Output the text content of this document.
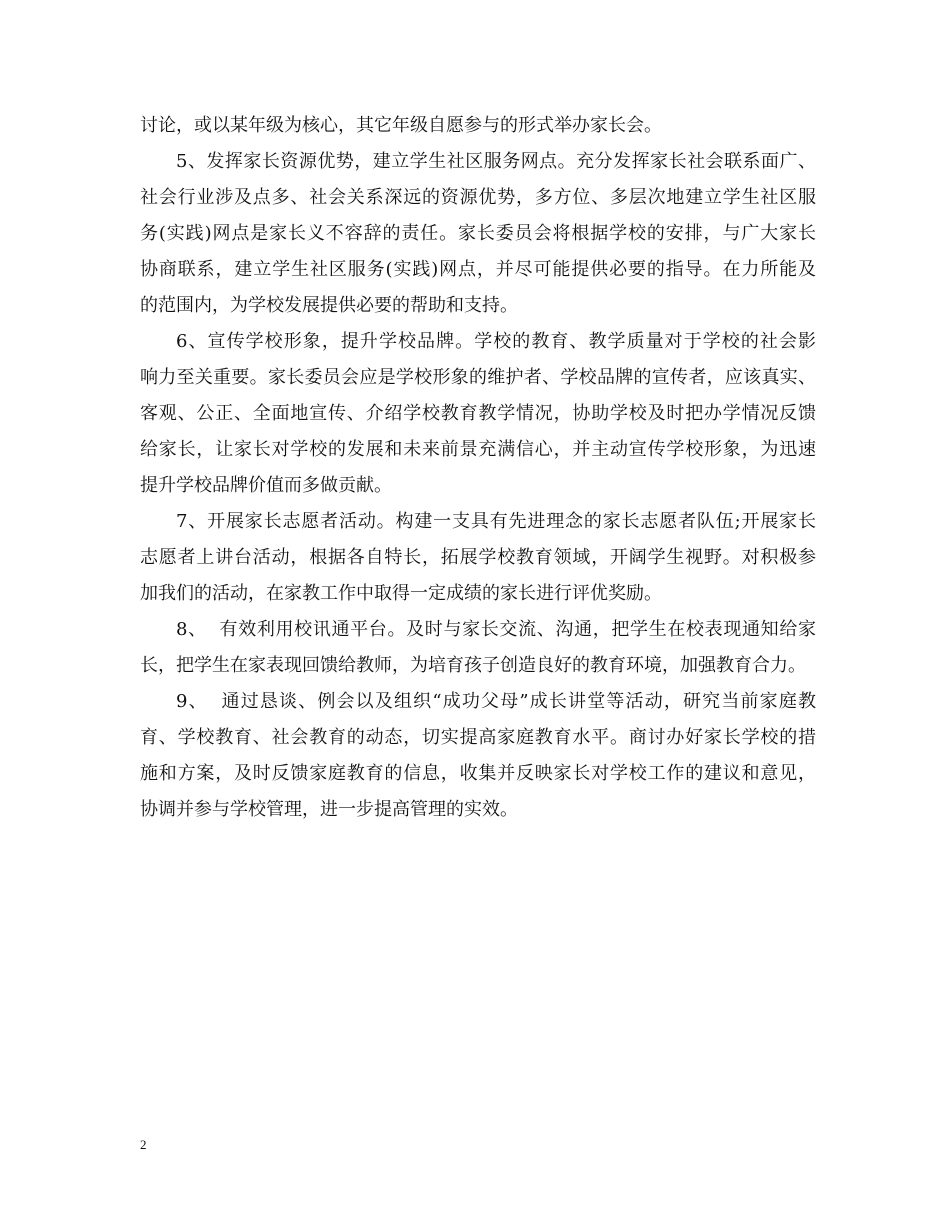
讨论，或以某年级为核心，其它年级自愿参与的形式举办家长会。
5、发挥家长资源优势，建立学生社区服务网点。充分发挥家长社会联系面广、
社会行业涉及点多、社会关系深远的资源优势，多方位、多层次地建立学生社区服
务(实践)网点是家长义不容辞的责任。家长委员会将根据学校的安排，与广大家长
协商联系，建立学生社区服务(实践)网点，并尽可能提供必要的指导。在力所能及
的范围内，为学校发展提供必要的帮助和支持。
6、宣传学校形象，提升学校品牌。学校的教育、教学质量对于学校的社会影
响力至关重要。家长委员会应是学校形象的维护者、学校品牌的宣传者，应该真实、
客观、公正、全面地宣传、介绍学校教育教学情况，协助学校及时把办学情况反馈
给家长，让家长对学校的发展和未来前景充满信心，并主动宣传学校形象，为迅速
提升学校品牌价值而多做贡献。
7、开展家长志愿者活动。构建一支具有先进理念的家长志愿者队伍;开展家长
志愿者上讲台活动，根据各自特长，拓展学校教育领域，开阔学生视野。对积极参
加我们的活动，在家教工作中取得一定成绩的家长进行评优奖励。
8、  有效利用校讯通平台。及时与家长交流、沟通，把学生在校表现通知给家
长，把学生在家表现回馈给教师，为培育孩子创造良好的教育环境，加强教育合力。
9、  通过恳谈、例会以及组织“成功父母”成长讲堂等活动，研究当前家庭教
育、学校教育、社会教育的动态，切实提高家庭教育水平。商讨办好家长学校的措
施和方案，及时反馈家庭教育的信息，收集并反映家长对学校工作的建议和意见，
协调并参与学校管理，进一步提高管理的实效。
2
